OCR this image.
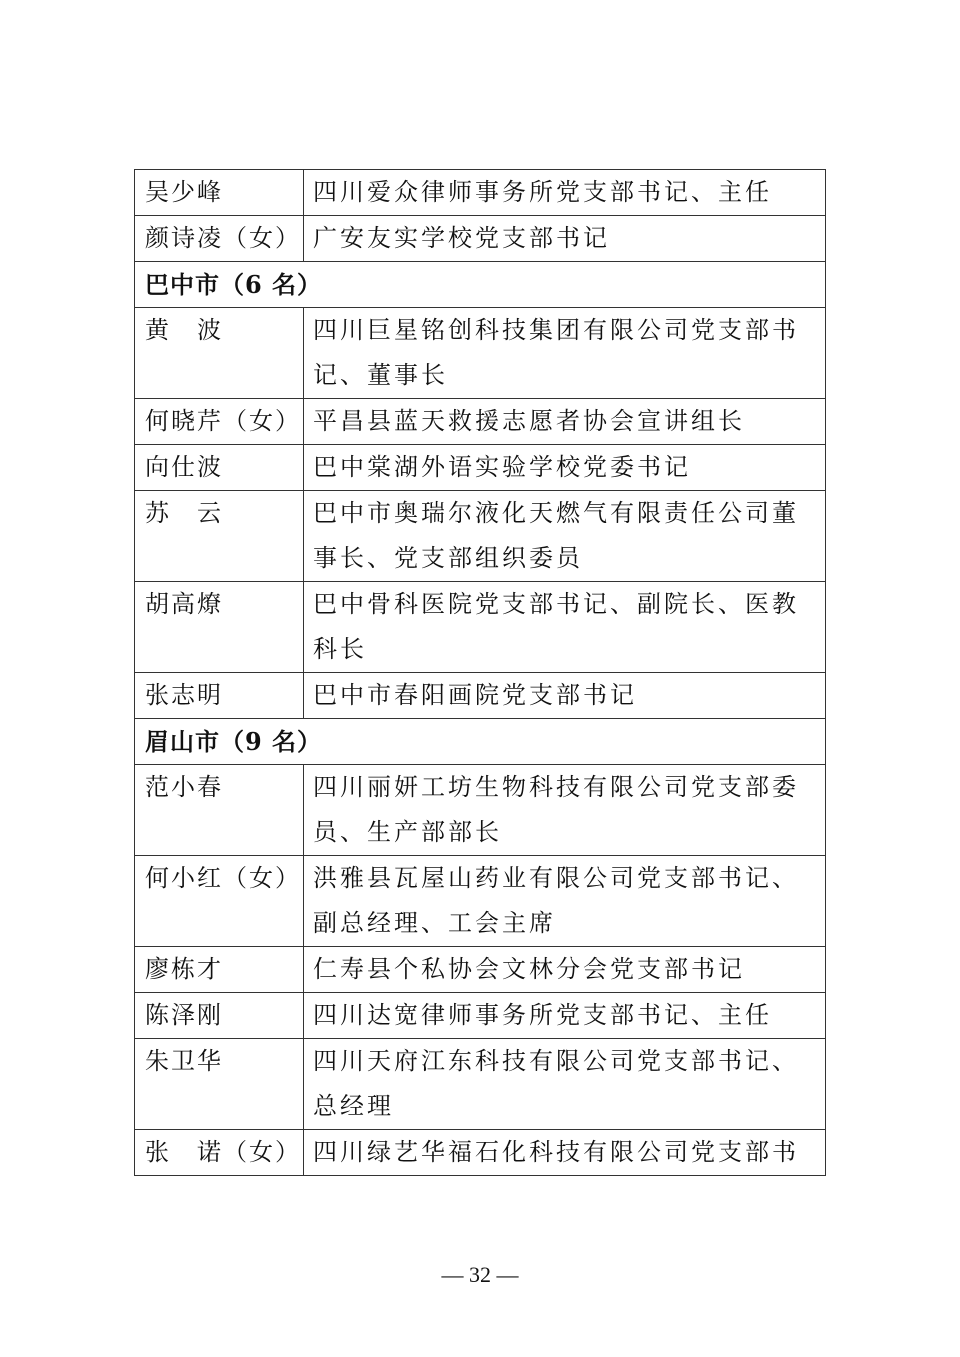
吴少峰	四川爱众律师事务所党支部书记、主任
颜诗凌（女）	广安友实学校党支部书记
巴中市（6 名）	
黄　波	四川巨星铭创科技集团有限公司党支部书记、董事长
何晓芹（女）	平昌县蓝天救援志愿者协会宣讲组长
向仕波	巴中棠湖外语实验学校党委书记
苏　云	巴中市奥瑞尔液化天燃气有限责任公司董事长、党支部组织委员
胡高燎	巴中骨科医院党支部书记、副院长、医教科长
张志明	巴中市春阳画院党支部书记
眉山市（9 名）	
范小春	四川丽妍工坊生物科技有限公司党支部委员、生产部部长
何小红（女）	洪雅县瓦屋山药业有限公司党支部书记、副总经理、工会主席
廖栋才	仁寿县个私协会文林分会党支部书记
陈泽刚	四川达宽律师事务所党支部书记、主任
朱卫华	四川天府江东科技有限公司党支部书记、总经理
张　诺（女）	四川绿艺华福石化科技有限公司党支部书
— 32 —
